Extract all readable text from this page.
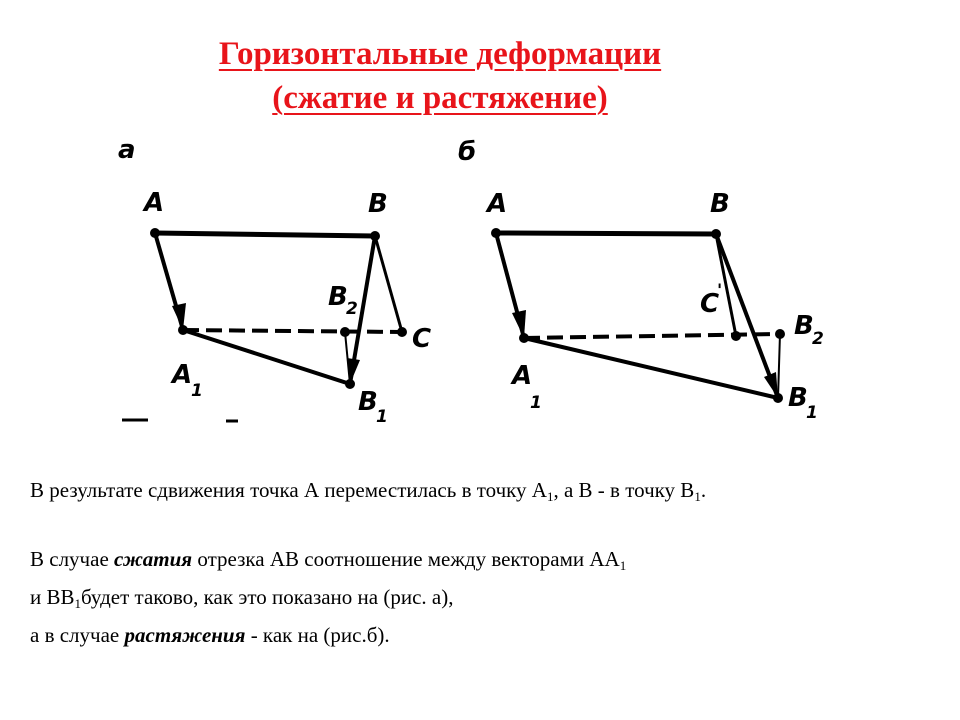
Горизонтальные деформации
(сжатие и растяжение)
а
A	B
B
2
C
A
1	B
1
б
A	B
C
'
B
2
A
1	B
1
В результате сдвижения точка А переместилась в точку $А_1$, а В - в точку $В_1$.
В случае сжатия отрезка АВ соотношение между векторами $АА_1$
и $ВВ_1будет$ таково, как это показано на (рис. а),
а в случае растяжения - как на (рис.б).
